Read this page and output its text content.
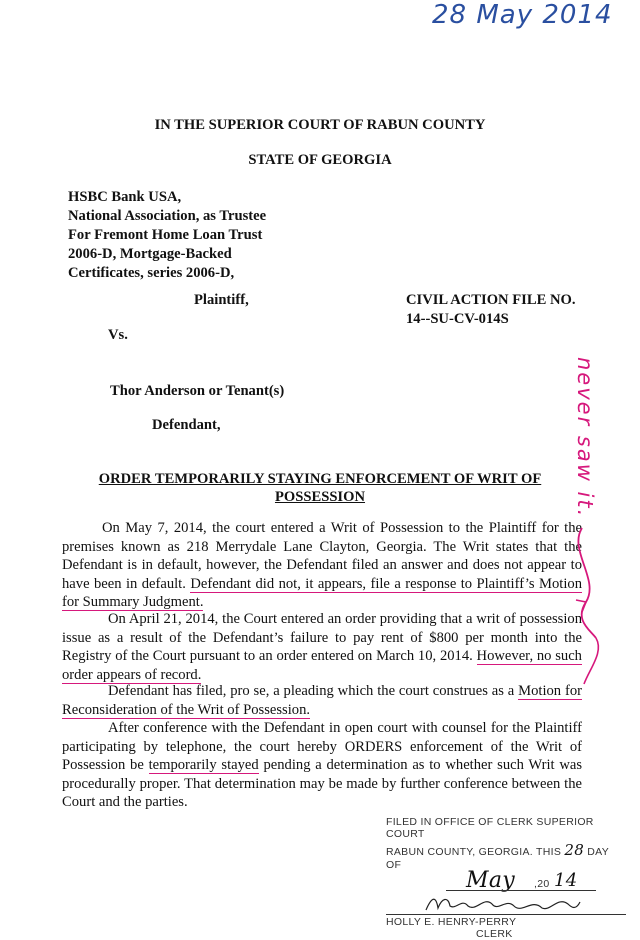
28 May 2014
IN THE SUPERIOR COURT OF RABUN COUNTY
STATE OF GEORGIA
HSBC Bank USA,
National Association, as Trustee
For Fremont Home Loan Trust
2006-D, Mortgage-Backed
Certificates, series 2006-D,
Plaintiff,	CIVIL ACTION FILE NO.
14--SU-CV-014S
Vs.
Thor Anderson or Tenant(s)
Defendant,
ORDER TEMPORARILY STAYING ENFORCEMENT OF WRIT OF
POSSESSION
On May 7, 2014, the court entered a Writ of Possession to the Plaintiff for the premises known as 218 Merrydale Lane Clayton, Georgia. The Writ states that the Defendant is in default, however, the Defendant filed an answer and does not appear to have been in default. Defendant did not, it appears, file a response to Plaintiff’s Motion for Summary Judgment.
On April 21, 2014, the Court entered an order providing that a writ of possession issue as a result of the Defendant’s failure to pay rent of $800 per month into the Registry of the Court pursuant to an order entered on March 10, 2014. However, no such order appears of record.
Defendant has filed, pro se, a pleading which the court construes as a Motion for Reconsideration of the Writ of Possession.
After conference with the Defendant in open court with counsel for the Plaintiff participating by telephone, the court hereby ORDERS enforcement of the Writ of Possession be temporarily stayed pending a determination as to whether such Writ was procedurally proper. That determination may be made by further conference between the Court and the parties.
never saw it.
FILED IN OFFICE OF CLERK SUPERIOR COURT
RABUN COUNTY, GEORGIA. THIS 28 DAY OF
May ,20 14
HOLLY E. HENRY-PERRY CLERK
